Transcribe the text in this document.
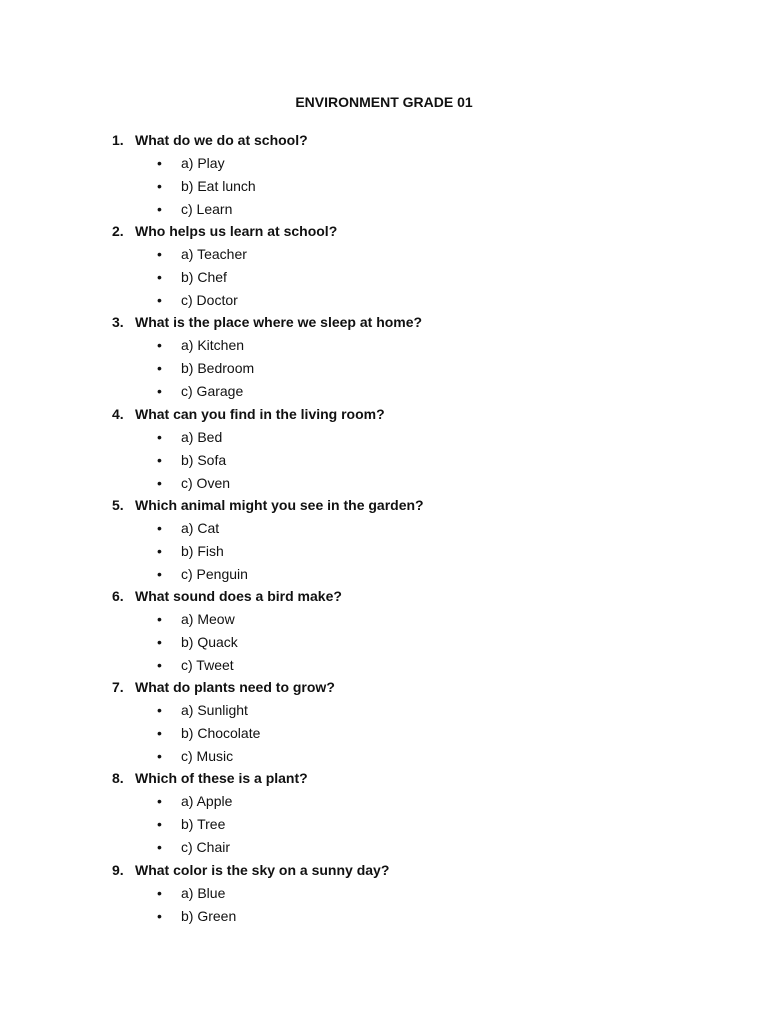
ENVIRONMENT GRADE 01
1. What do we do at school?
• a) Play
• b) Eat lunch
• c) Learn
2. Who helps us learn at school?
• a) Teacher
• b) Chef
• c) Doctor
3. What is the place where we sleep at home?
• a) Kitchen
• b) Bedroom
• c) Garage
4. What can you find in the living room?
• a) Bed
• b) Sofa
• c) Oven
5. Which animal might you see in the garden?
• a) Cat
• b) Fish
• c) Penguin
6. What sound does a bird make?
• a) Meow
• b) Quack
• c) Tweet
7. What do plants need to grow?
• a) Sunlight
• b) Chocolate
• c) Music
8. Which of these is a plant?
• a) Apple
• b) Tree
• c) Chair
9. What color is the sky on a sunny day?
• a) Blue
• b) Green
